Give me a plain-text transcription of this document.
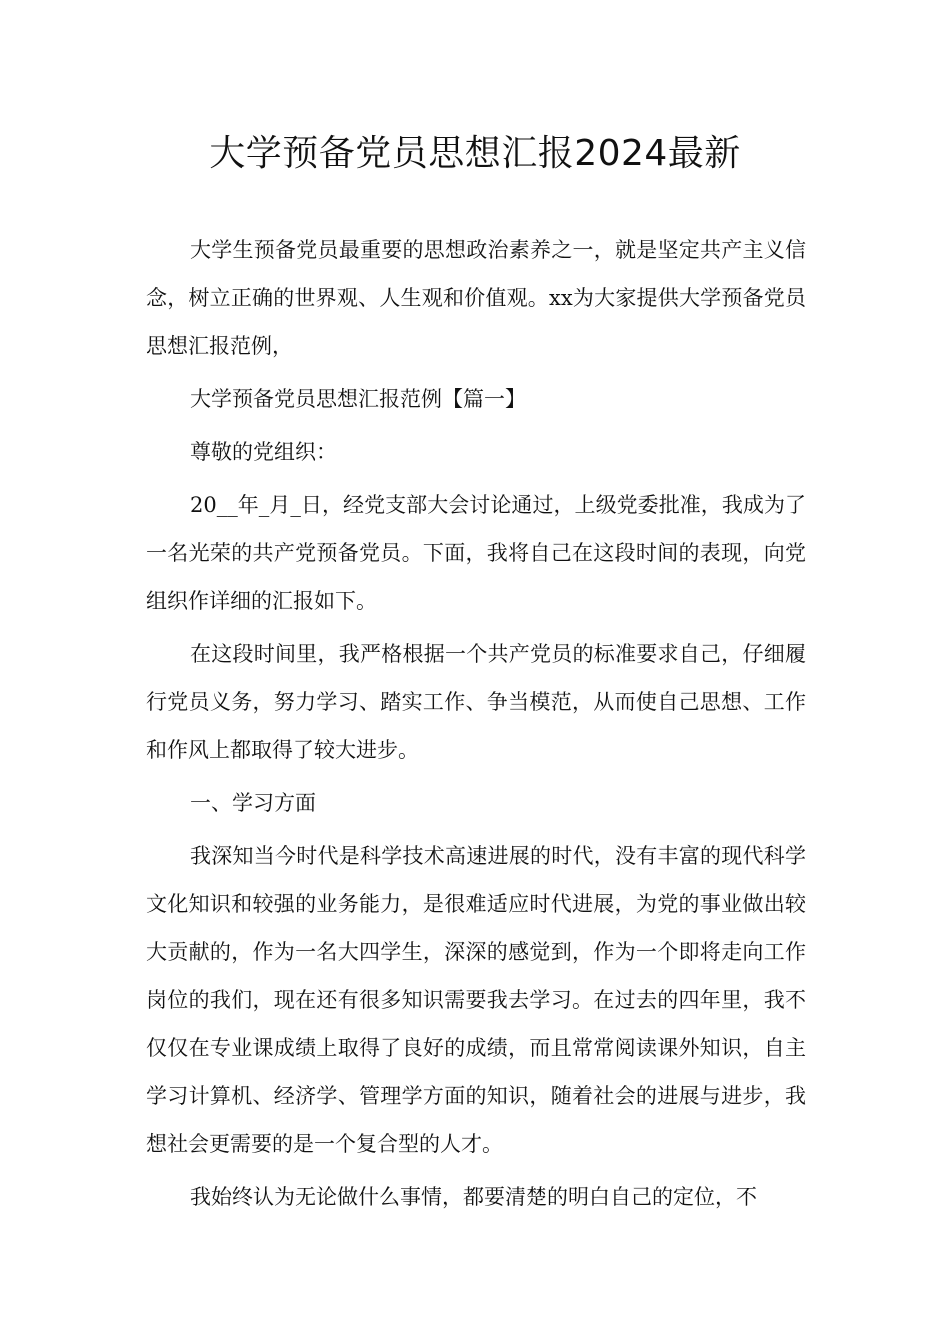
大学预备党员思想汇报2024最新

大学生预备党员最重要的思想政治素养之一，就是坚定共产主义信念，树立正确的世界观、人生观和价值观。xx为大家提供大学预备党员思想汇报范例，

大学预备党员思想汇报范例【篇一】

尊敬的党组织：

20__年_月_日，经党支部大会讨论通过，上级党委批准，我成为了一名光荣的共产党预备党员。下面，我将自己在这段时间的表现，向党组织作详细的汇报如下。

在这段时间里，我严格根据一个共产党员的标准要求自己，仔细履行党员义务，努力学习、踏实工作、争当模范，从而使自己思想、工作和作风上都取得了较大进步。

一、学习方面

我深知当今时代是科学技术高速进展的时代，没有丰富的现代科学文化知识和较强的业务能力，是很难适应时代进展，为党的事业做出较大贡献的，作为一名大四学生，深深的感觉到，作为一个即将走向工作岗位的我们，现在还有很多知识需要我去学习。在过去的四年里，我不仅仅在专业课成绩上取得了良好的成绩，而且常常阅读课外知识，自主学习计算机、经济学、管理学方面的知识，随着社会的进展与进步，我想社会更需要的是一个复合型的人才。

我始终认为无论做什么事情，都要清楚的明白自己的定位，不
